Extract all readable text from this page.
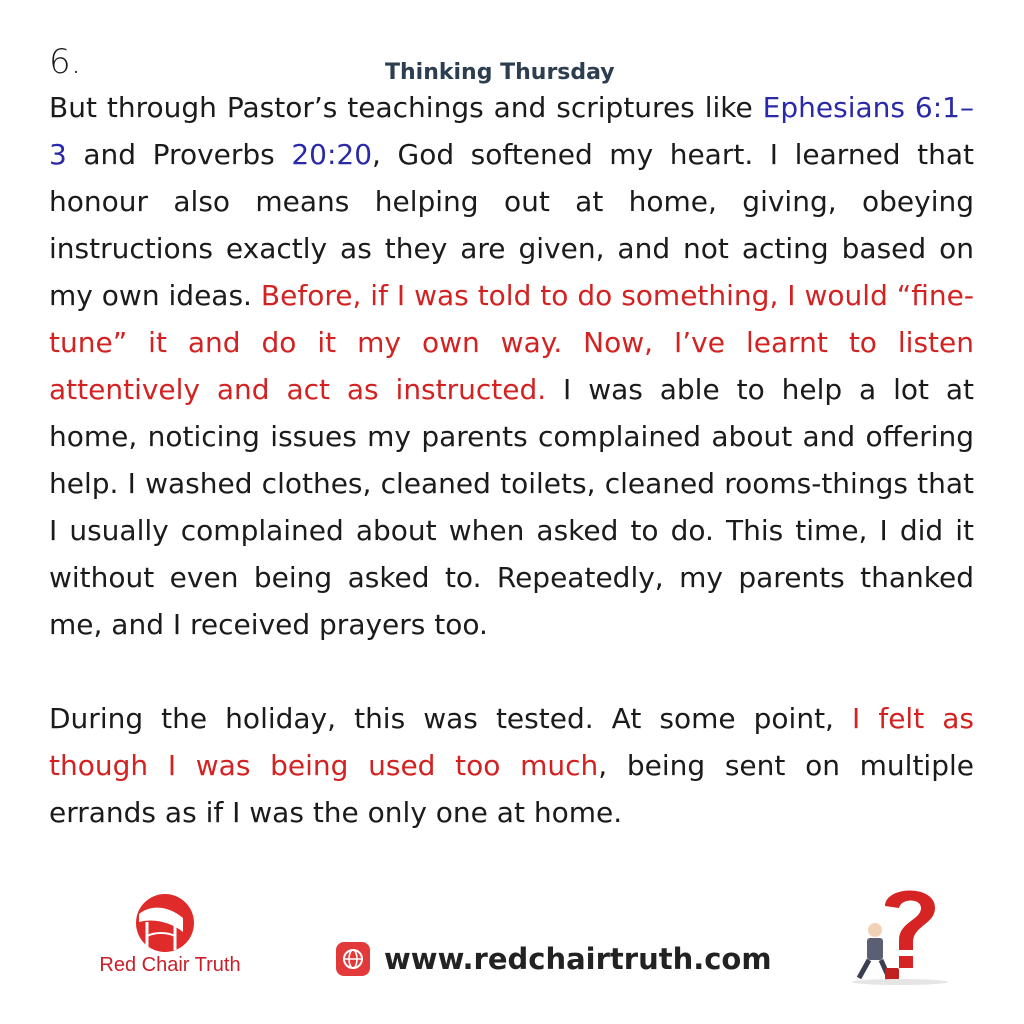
6.	Thinking Thursday

But through Pastor’s teachings and scriptures like Ephesians 6:1–3 and Proverbs 20:20, God softened my heart. I learned that honour also means helping out at home, giving, obeying instructions exactly as they are given, and not acting based on my own ideas. Before, if I was told to do something, I would “fine-tune” it and do it my own way. Now, I’ve learnt to listen attentively and act as instructed. I was able to help a lot at home, noticing issues my parents complained about and offering help. I washed clothes, cleaned toilets, cleaned rooms-things that I usually complained about when asked to do. This time, I did it without even being asked to. Repeatedly, my parents thanked me, and I received prayers too.

During the holiday, this was tested. At some point, I felt as though I was being used too much, being sent on multiple errands as if I was the only one at home.

Red Chair Truth	www.redchairtruth.com
